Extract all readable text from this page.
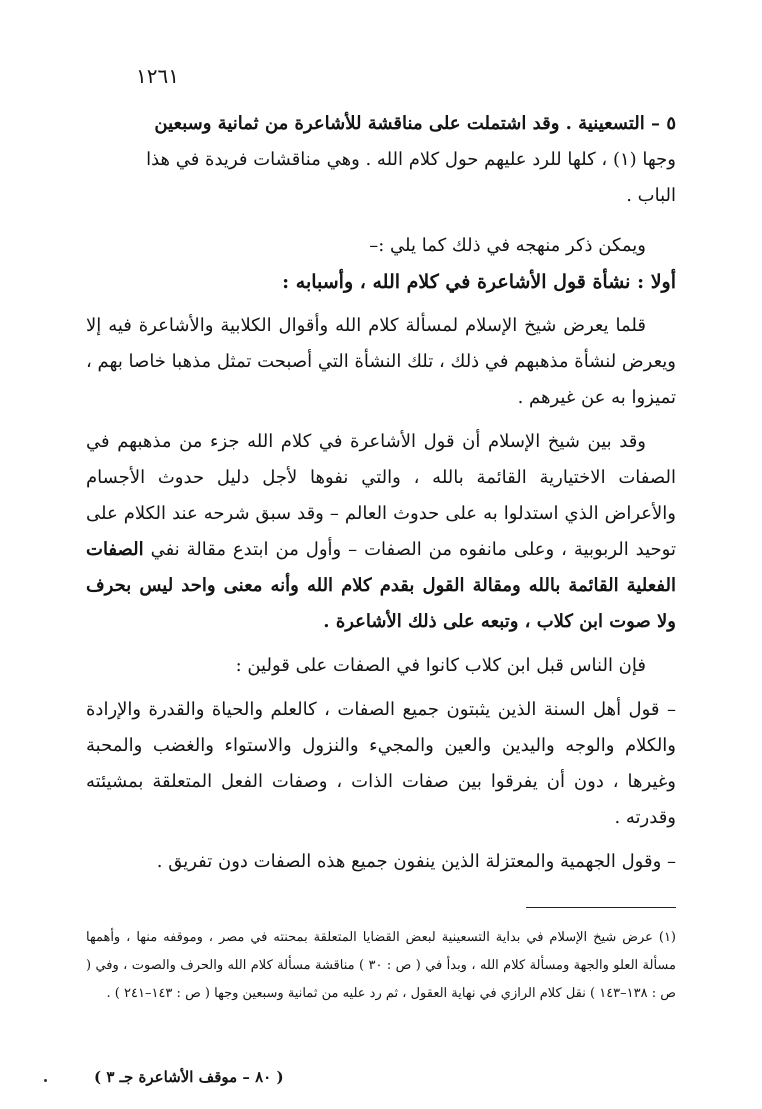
١٢٦١

٥ – التسعينية . وقد اشتملت على مناقشة للأشاعرة من ثمانية وسبعين
وجها (١) ، كلها للرد عليهم حول كلام الله . وهي مناقشات فريدة في هذا
الباب .

ويمكن ذكر منهجه في ذلك كما يلي :–

أولا : نشأة قول الأشاعرة في كلام الله ، وأسبابه :

قلما يعرض شيخ الإسلام لمسألة كلام الله وأقوال الكلابية والأشاعرة فيه إلا ويعرض لنشأة مذهبهم في ذلك ، تلك النشأة التي أصبحت تمثل مذهبا خاصا بهم ، تميزوا به عن غيرهم .

وقد بين شيخ الإسلام أن قول الأشاعرة في كلام الله جزء من مذهبهم في الصفات الاختيارية القائمة بالله ، والتي نفوها لأجل دليل حدوث الأجسام والأعراض الذي استدلوا به على حدوث العالم – وقد سبق شرحه عند الكلام على توحيد الربوبية ، وعلى مانفوه من الصفات – وأول من ابتدع مقالة نفي الصفات الفعلية القائمة بالله ومقالة القول بقدم كلام الله وأنه معنى واحد ليس بحرف ولا صوت ابن كلاب ، وتبعه على ذلك الأشاعرة .

فإن الناس قبل ابن كلاب كانوا في الصفات على قولين :

– قول أهل السنة الذين يثبتون جميع الصفات ، كالعلم والحياة والقدرة والإرادة والكلام والوجه واليدين والعين والمجيء والنزول والاستواء والغضب والمحبة وغيرها ، دون أن يفرقوا بين صفات الذات ، وصفات الفعل المتعلقة بمشيئته وقدرته .

– وقول الجهمية والمعتزلة الذين ينفون جميع هذه الصفات دون تفريق .

(١) عرض شيخ الإسلام في بداية التسعينية لبعض القضايا المتعلقة بمحنته في مصر ، وموقفه منها ، وأهمها مسألة العلو والجهة ومسألة كلام الله ، وبدأ في ( ص : ٣٠ ) مناقشة مسألة كلام الله والحرف والصوت ، وفي ( ص : ١٣٨–١٤٣ ) نقل كلام الرازي في نهاية العقول ، ثم رد عليه من ثمانية وسبعين وجها ( ص : ١٤٣–٢٤١ ) .

( ٨٠ – موقف الأشاعرة جـ ٣ )
